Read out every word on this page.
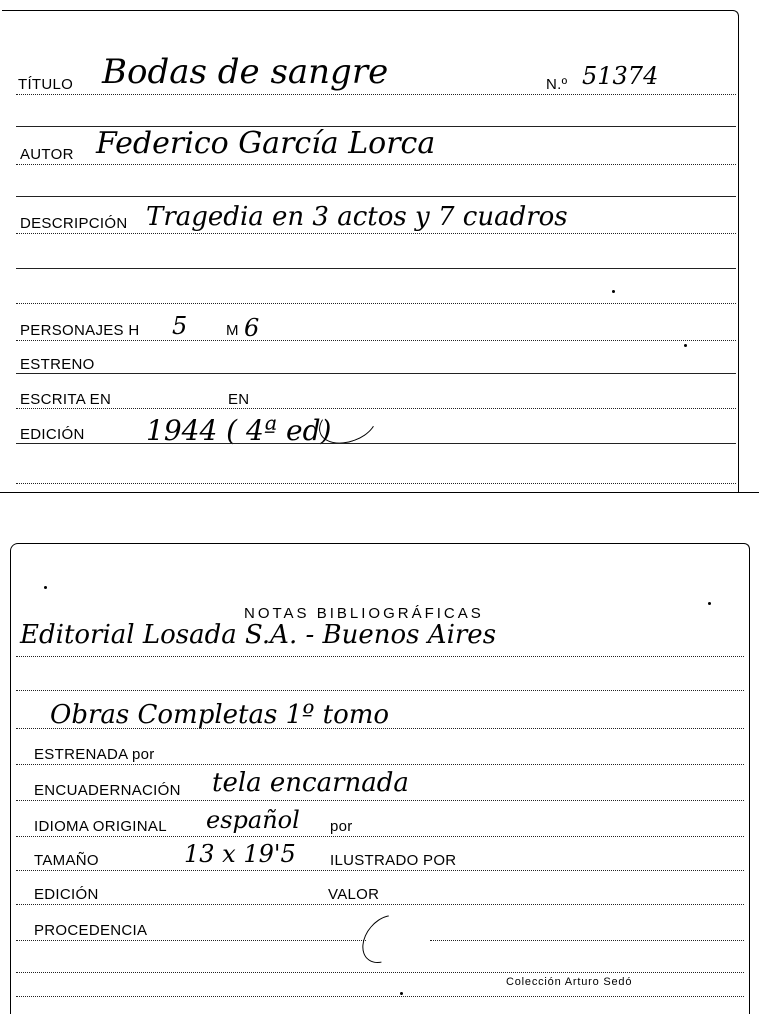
TÍTULO Bodas de sangre	N.º 51374
AUTOR Federico García Lorca
DESCRIPCIÓN Tragedia en 3 actos y 7 cuadros
PERSONAJES H 5	M 6
ESTRENO
ESCRITA EN	EN
EDICIÓN 1944 ( 4ª ed)
NOTAS BIBLIOGRÁFICAS
Editorial Losada S.A. - Buenos Aires
Obras Completas 1º tomo
ESTRENADA por
ENCUADERNACIÓN tela encarnada
IDIOMA ORIGINAL español por
TAMAÑO	13 x 19'5 ILUSTRADO POR
EDICIÓN	VALOR
PROCEDENCIA
Colección Arturo Sedó
